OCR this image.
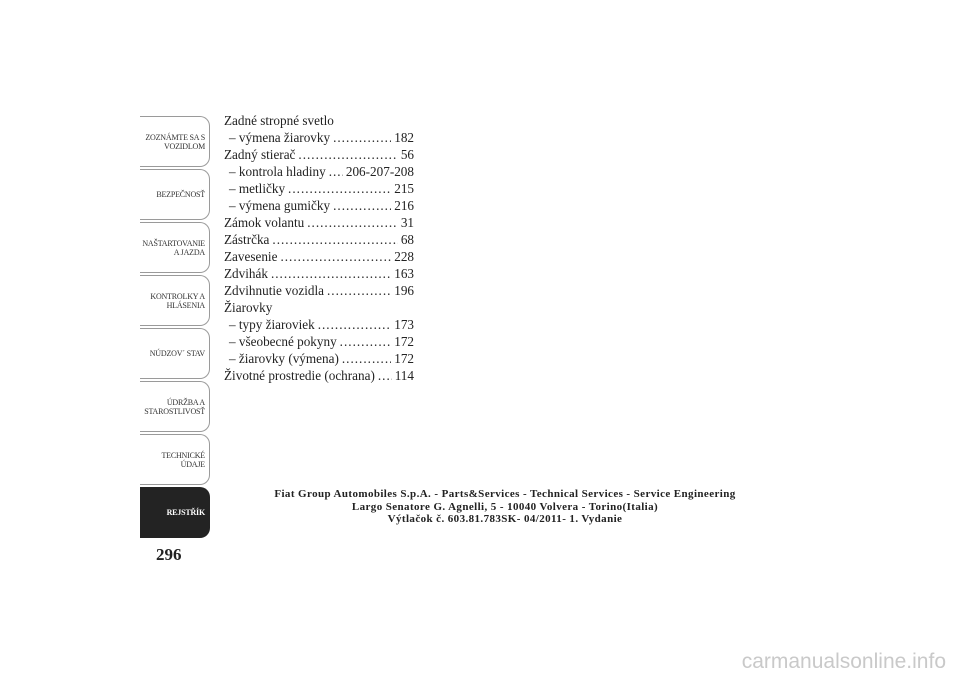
ZOZNÁMTE SA S
VOZIDLOM
BEZPEČNOSŤ
NAŠTARTOVANIE
A JAZDA
KONTROLKY A
HLÁSENIA
NÚDZOV´ STAV
ÚDRŽBA A
STAROSTLIVOSŤ
TECHNICKÉ
ÚDAJE
REJSTŘÍK
296
Zadné stropné svetlo
– výmena žiarovky .....	182
Zadný stierač .....	56
– kontrola hladiny ..... 206-207-208
– metličky .....	215
– výmena gumičky .....	216
Zámok volantu .....	31
Zástrčka .....	68
Zavesenie .....	228
Zdvihák .....	163
Zdvihnutie vozidla .....	196
Žiarovky
– typy žiaroviek .....	173
– všeobecné pokyny .....	172
– žiarovky (výmena) .....	172
Životné prostredie (ochrana) ..... 114
Fiat Group Automobiles S.p.A. - Parts&Services - Technical Services - Service Engineering
Largo Senatore G. Agnelli, 5 - 10040 Volvera - Torino(Italia)
Výtlačok č. 603.81.783SK- 04/2011- 1. Vydanie
carmanualsonline.info
